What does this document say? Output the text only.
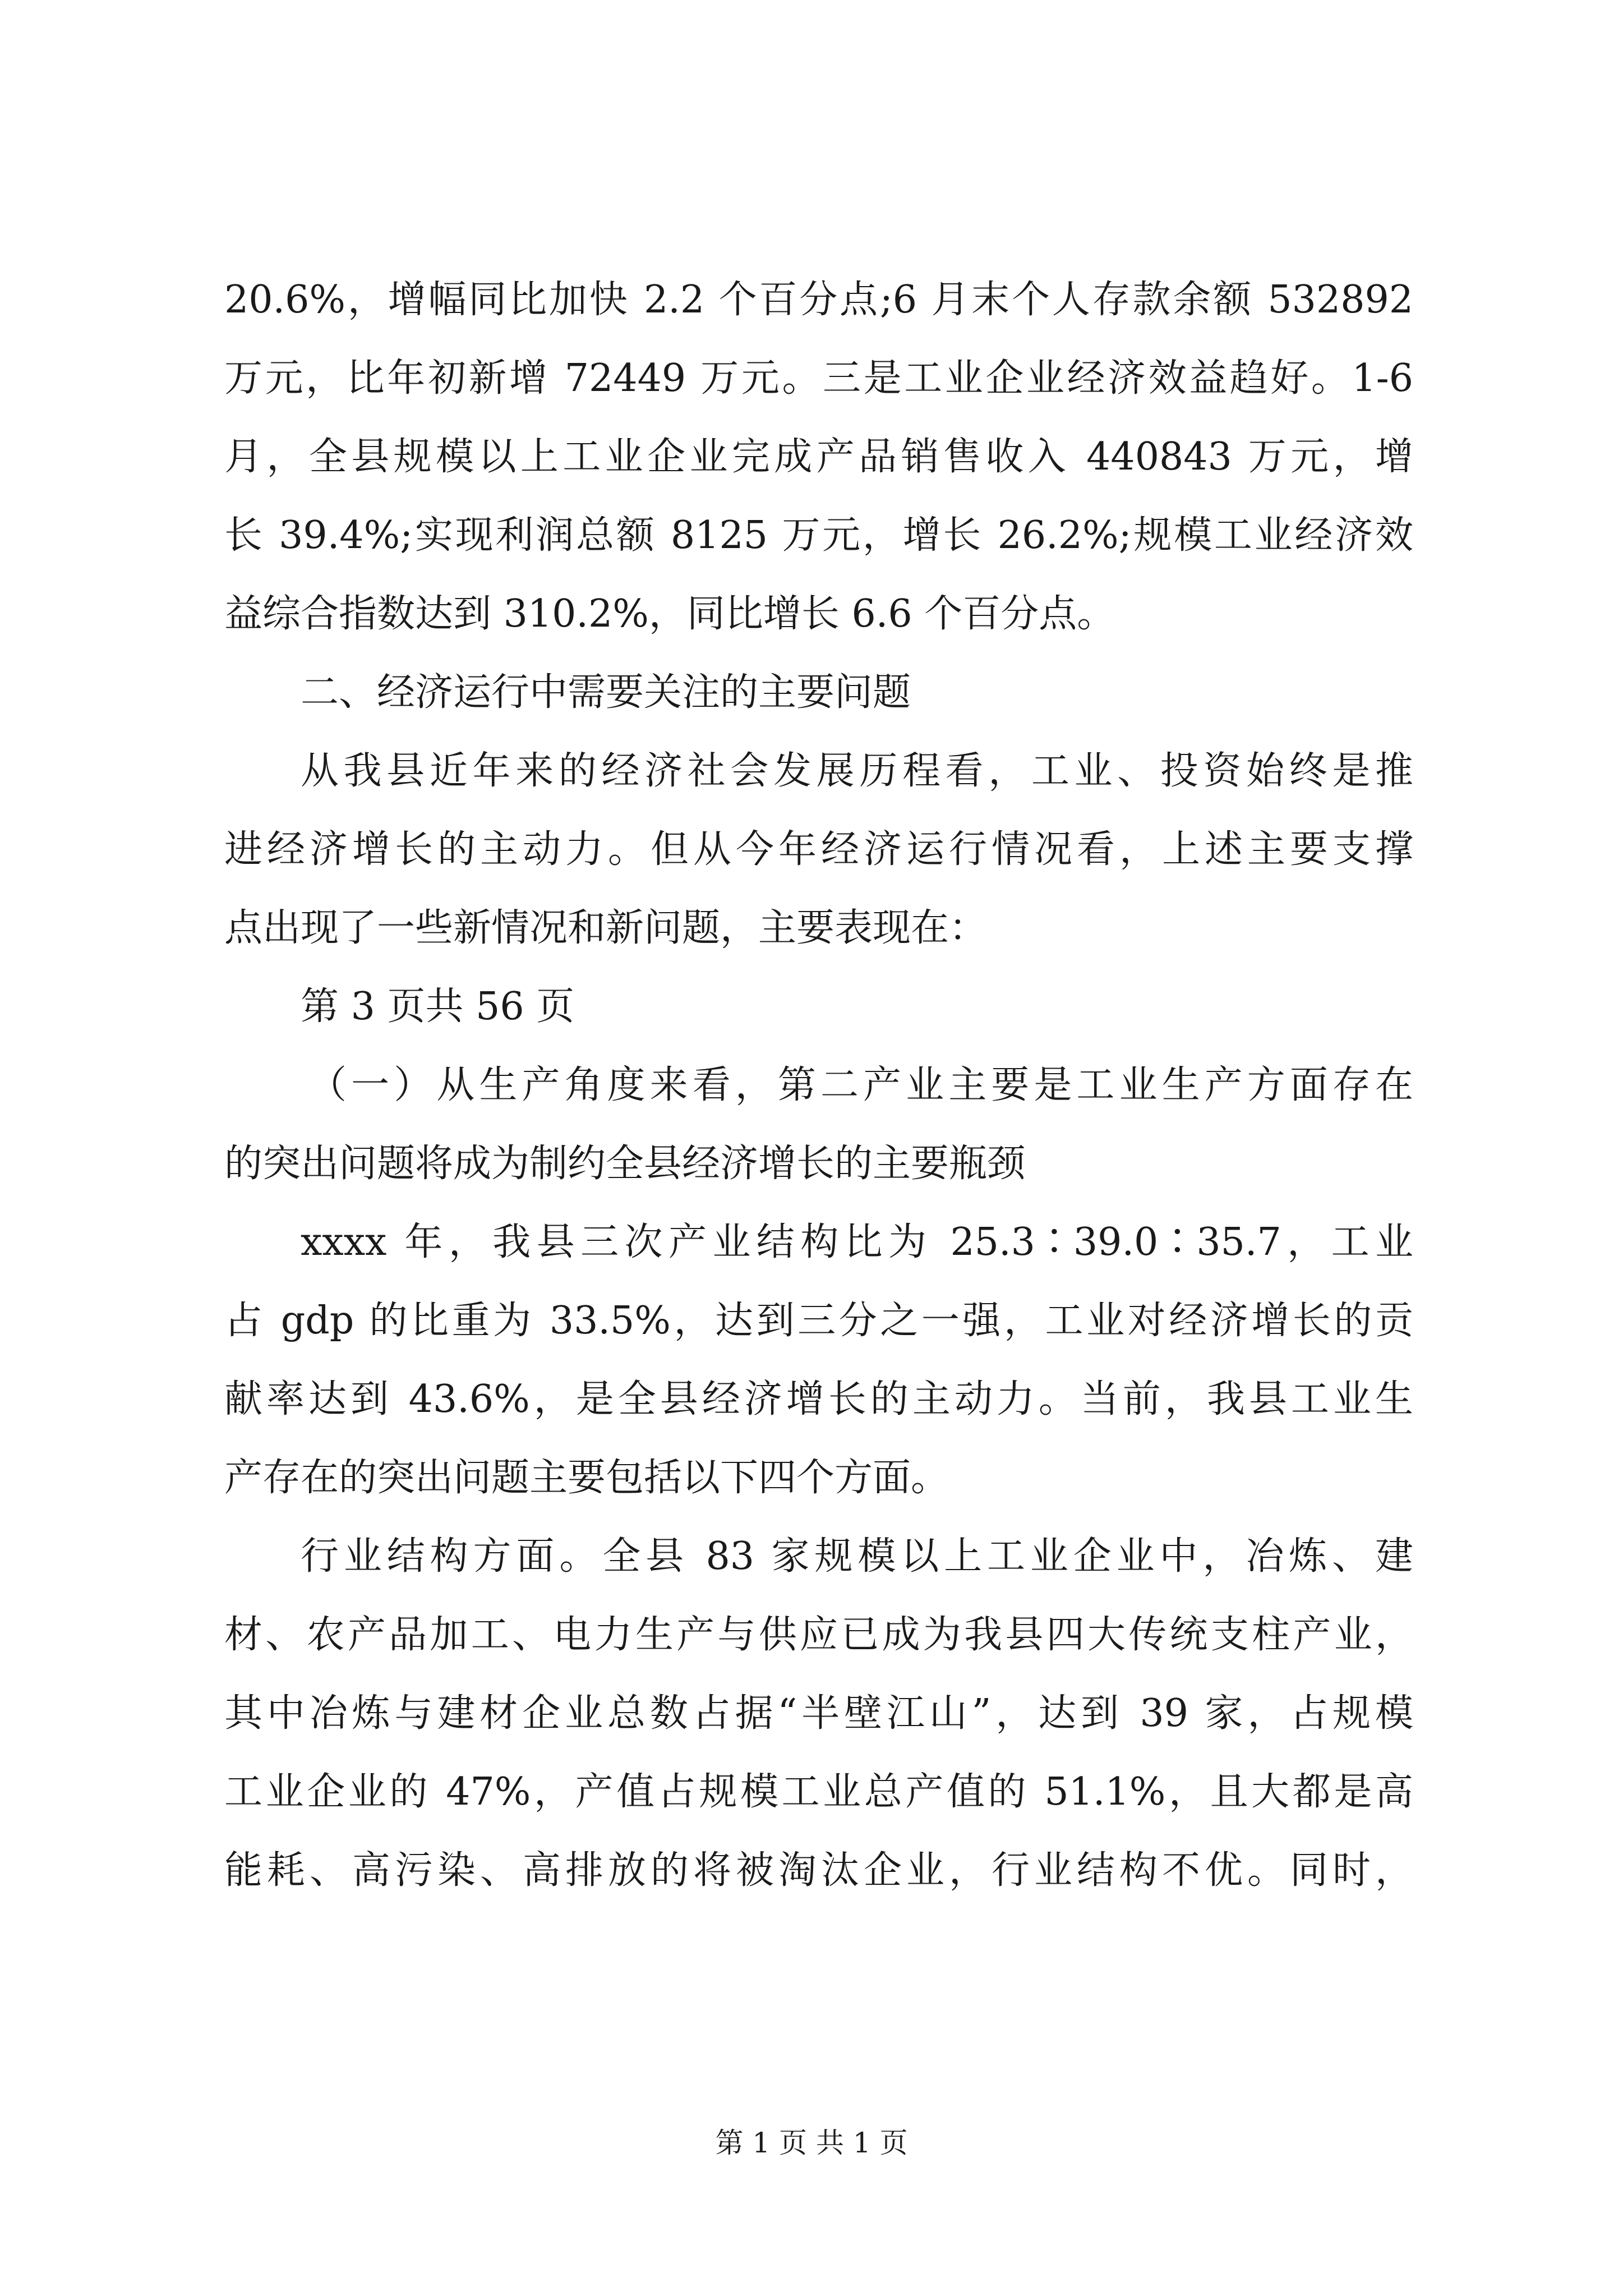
20.6%，增幅同比加快 2.2 个百分点;6 月末个人存款余额 532892
万元，比年初新增 72449 万元。三是工业企业经济效益趋好。1-6
月，全县规模以上工业企业完成产品销售收入 440843 万元，增
长 39.4%;实现利润总额 8125 万元，增长 26.2%;规模工业经济效
益综合指数达到 310.2%，同比增长 6.6 个百分点。
二、经济运行中需要关注的主要问题
从我县近年来的经济社会发展历程看，工业、投资始终是推
进经济增长的主动力。但从今年经济运行情况看，上述主要支撑
点出现了一些新情况和新问题，主要表现在：
第 3 页共 56 页
（一）从生产角度来看，第二产业主要是工业生产方面存在
的突出问题将成为制约全县经济增长的主要瓶颈
xxxx 年，我县三次产业结构比为 25.3∶39.0∶35.7，工业
占 gdp 的比重为 33.5%，达到三分之一强，工业对经济增长的贡
献率达到 43.6%，是全县经济增长的主动力。当前，我县工业生
产存在的突出问题主要包括以下四个方面。
行业结构方面。全县 83 家规模以上工业企业中，冶炼、建
材、农产品加工、电力生产与供应已成为我县四大传统支柱产业，
其中冶炼与建材企业总数占据“半壁江山”，达到 39 家，占规模
工业企业的 47%，产值占规模工业总产值的 51.1%，且大都是高
能耗、高污染、高排放的将被淘汰企业，行业结构不优。同时，
第 1 页 共 1 页
